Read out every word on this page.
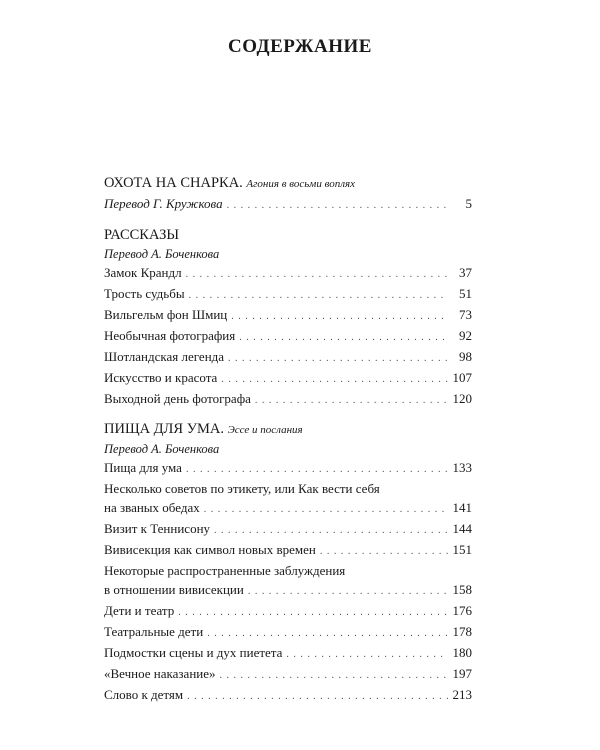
СОДЕРЖАНИЕ
ОХОТА НА СНАРКА. Агония в восьми воплях
Перевод Г. Кружкова . . .	5
РАССКАЗЫ
Перевод А. Боченкова
Замок Крандл . . .	37
Трость судьбы . . .	51
Вильгельм фон Шмиц . . .	73
Необычная фотография . . .	92
Шотландская легенда . . .	98
Искусство и красота . . .	107
Выходной день фотографа . . .	120
ПИЩА ДЛЯ УМА. Эссе и послания
Перевод А. Боченкова
Пища для ума . . .	133
Несколько советов по этикету, или Как вести себя
на званых обедах . . .	141
Визит к Теннисону . . .	144
Вивисекция как символ новых времен . . .	151
Некоторые распространенные заблуждения
в отношении вивисекции . . .	158
Дети и театр . . .	176
Театральные дети . . .	178
Подмостки сцены и дух пиетета . . .	180
«Вечное наказание» . . .	197
Слово к детям . . .	213
